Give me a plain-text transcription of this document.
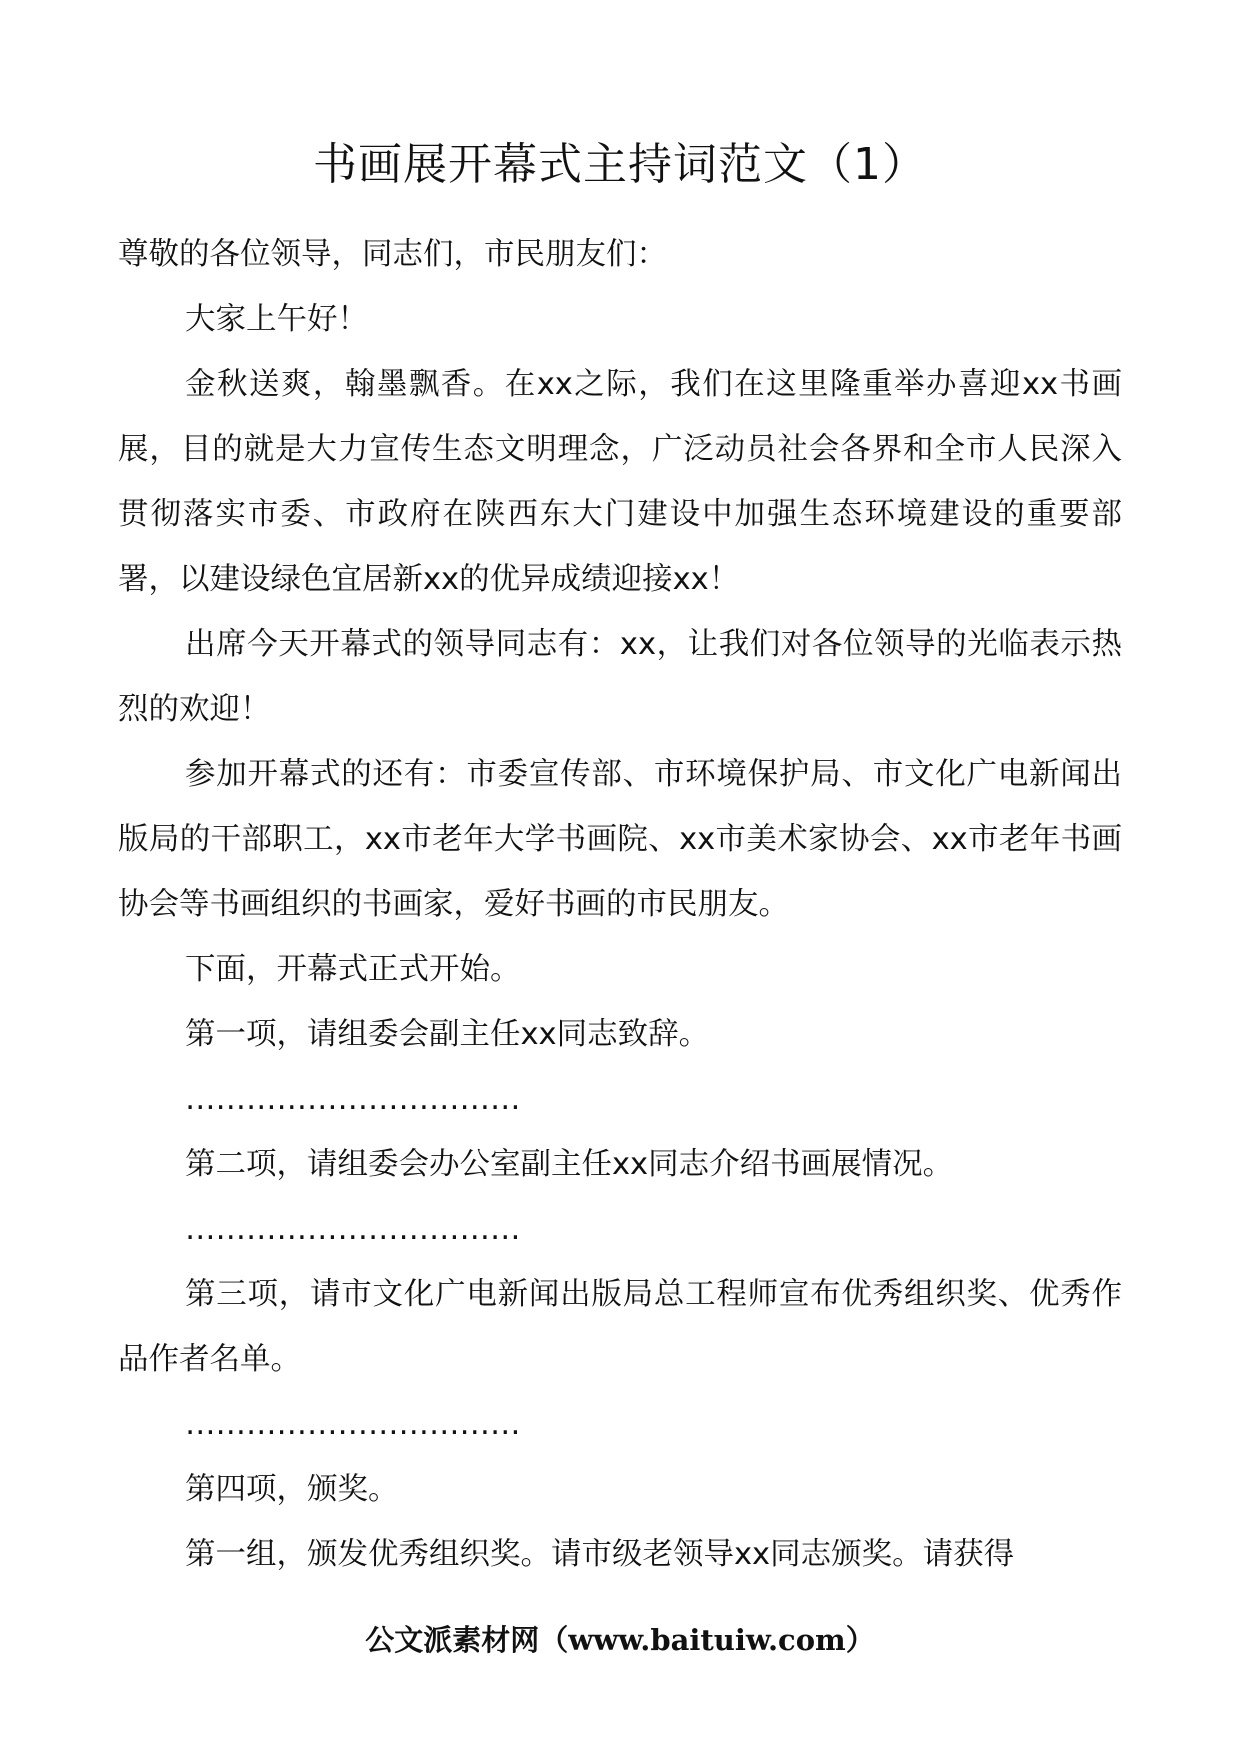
书画展开幕式主持词范文（1）

尊敬的各位领导，同志们，市民朋友们：

大家上午好！

金秋送爽，翰墨飘香。在xx之际，我们在这里隆重举办喜迎xx书画展，目的就是大力宣传生态文明理念，广泛动员社会各界和全市人民深入贯彻落实市委、市政府在陕西东大门建设中加强生态环境建设的重要部署，以建设绿色宜居新xx的优异成绩迎接xx！

出席今天开幕式的领导同志有：xx，让我们对各位领导的光临表示热烈的欢迎！

参加开幕式的还有：市委宣传部、市环境保护局、市文化广电新闻出版局的干部职工，xx市老年大学书画院、xx市美术家协会、xx市老年书画协会等书画组织的书画家，爱好书画的市民朋友。

下面，开幕式正式开始。

第一项，请组委会副主任xx同志致辞。

……………………………

第二项，请组委会办公室副主任xx同志介绍书画展情况。

……………………………

第三项，请市文化广电新闻出版局总工程师宣布优秀组织奖、优秀作品作者名单。

……………………………

第四项，颁奖。

第一组，颁发优秀组织奖。请市级老领导xx同志颁奖。请获得

公文派素材网（www.baituiw.com）
